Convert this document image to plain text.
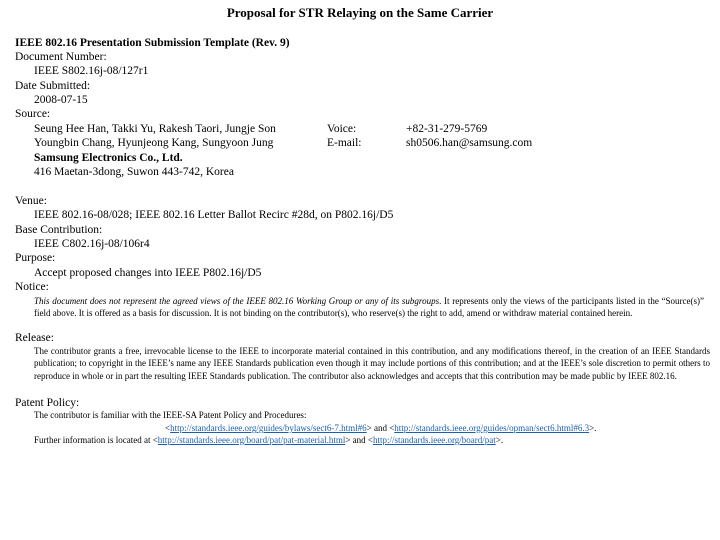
Proposal for STR Relaying on the Same Carrier
IEEE 802.16 Presentation Submission Template (Rev. 9)
Document Number:
IEEE S802.16j-08/127r1
Date Submitted:
2008-07-15
Source:
Seung Hee Han, Takki Yu, Rakesh Taori, Jungje Son
Youngbin Chang, Hyunjeong Kang, Sungyoon Jung
Samsung Electronics Co., Ltd.
416 Maetan-3dong, Suwon 443-742, Korea
Voice:
E-mail:
+82-31-279-5769
sh0506.han@samsung.com
Venue:
IEEE 802.16-08/028; IEEE 802.16 Letter Ballot Recirc #28d, on P802.16j/D5
Base Contribution:
IEEE C802.16j-08/106r4
Purpose:
Accept proposed changes into IEEE P802.16j/D5
Notice:
This document does not represent the agreed views of the IEEE 802.16 Working Group or any of its subgroups. It represents only the views of the participants listed in the “Source(s)” field above. It is offered as a basis for discussion. It is not binding on the contributor(s), who reserve(s) the right to add, amend or withdraw material contained herein.
Release:
The contributor grants a free, irrevocable license to the IEEE to incorporate material contained in this contribution, and any modifications thereof, in the creation of an IEEE Standards publication; to copyright in the IEEE’s name any IEEE Standards publication even though it may include portions of this contribution; and at the IEEE’s sole discretion to permit others to reproduce in whole or in part the resulting IEEE Standards publication. The contributor also acknowledges and accepts that this contribution may be made public by IEEE 802.16.
Patent Policy:
The contributor is familiar with the IEEE-SA Patent Policy and Procedures:
<http://standards.ieee.org/guides/bylaws/sect6-7.html#6> and <http://standards.ieee.org/guides/opman/sect6.html#6.3>.
Further information is located at <http://standards.ieee.org/board/pat/pat-material.html> and <http://standards.ieee.org/board/pat>.
